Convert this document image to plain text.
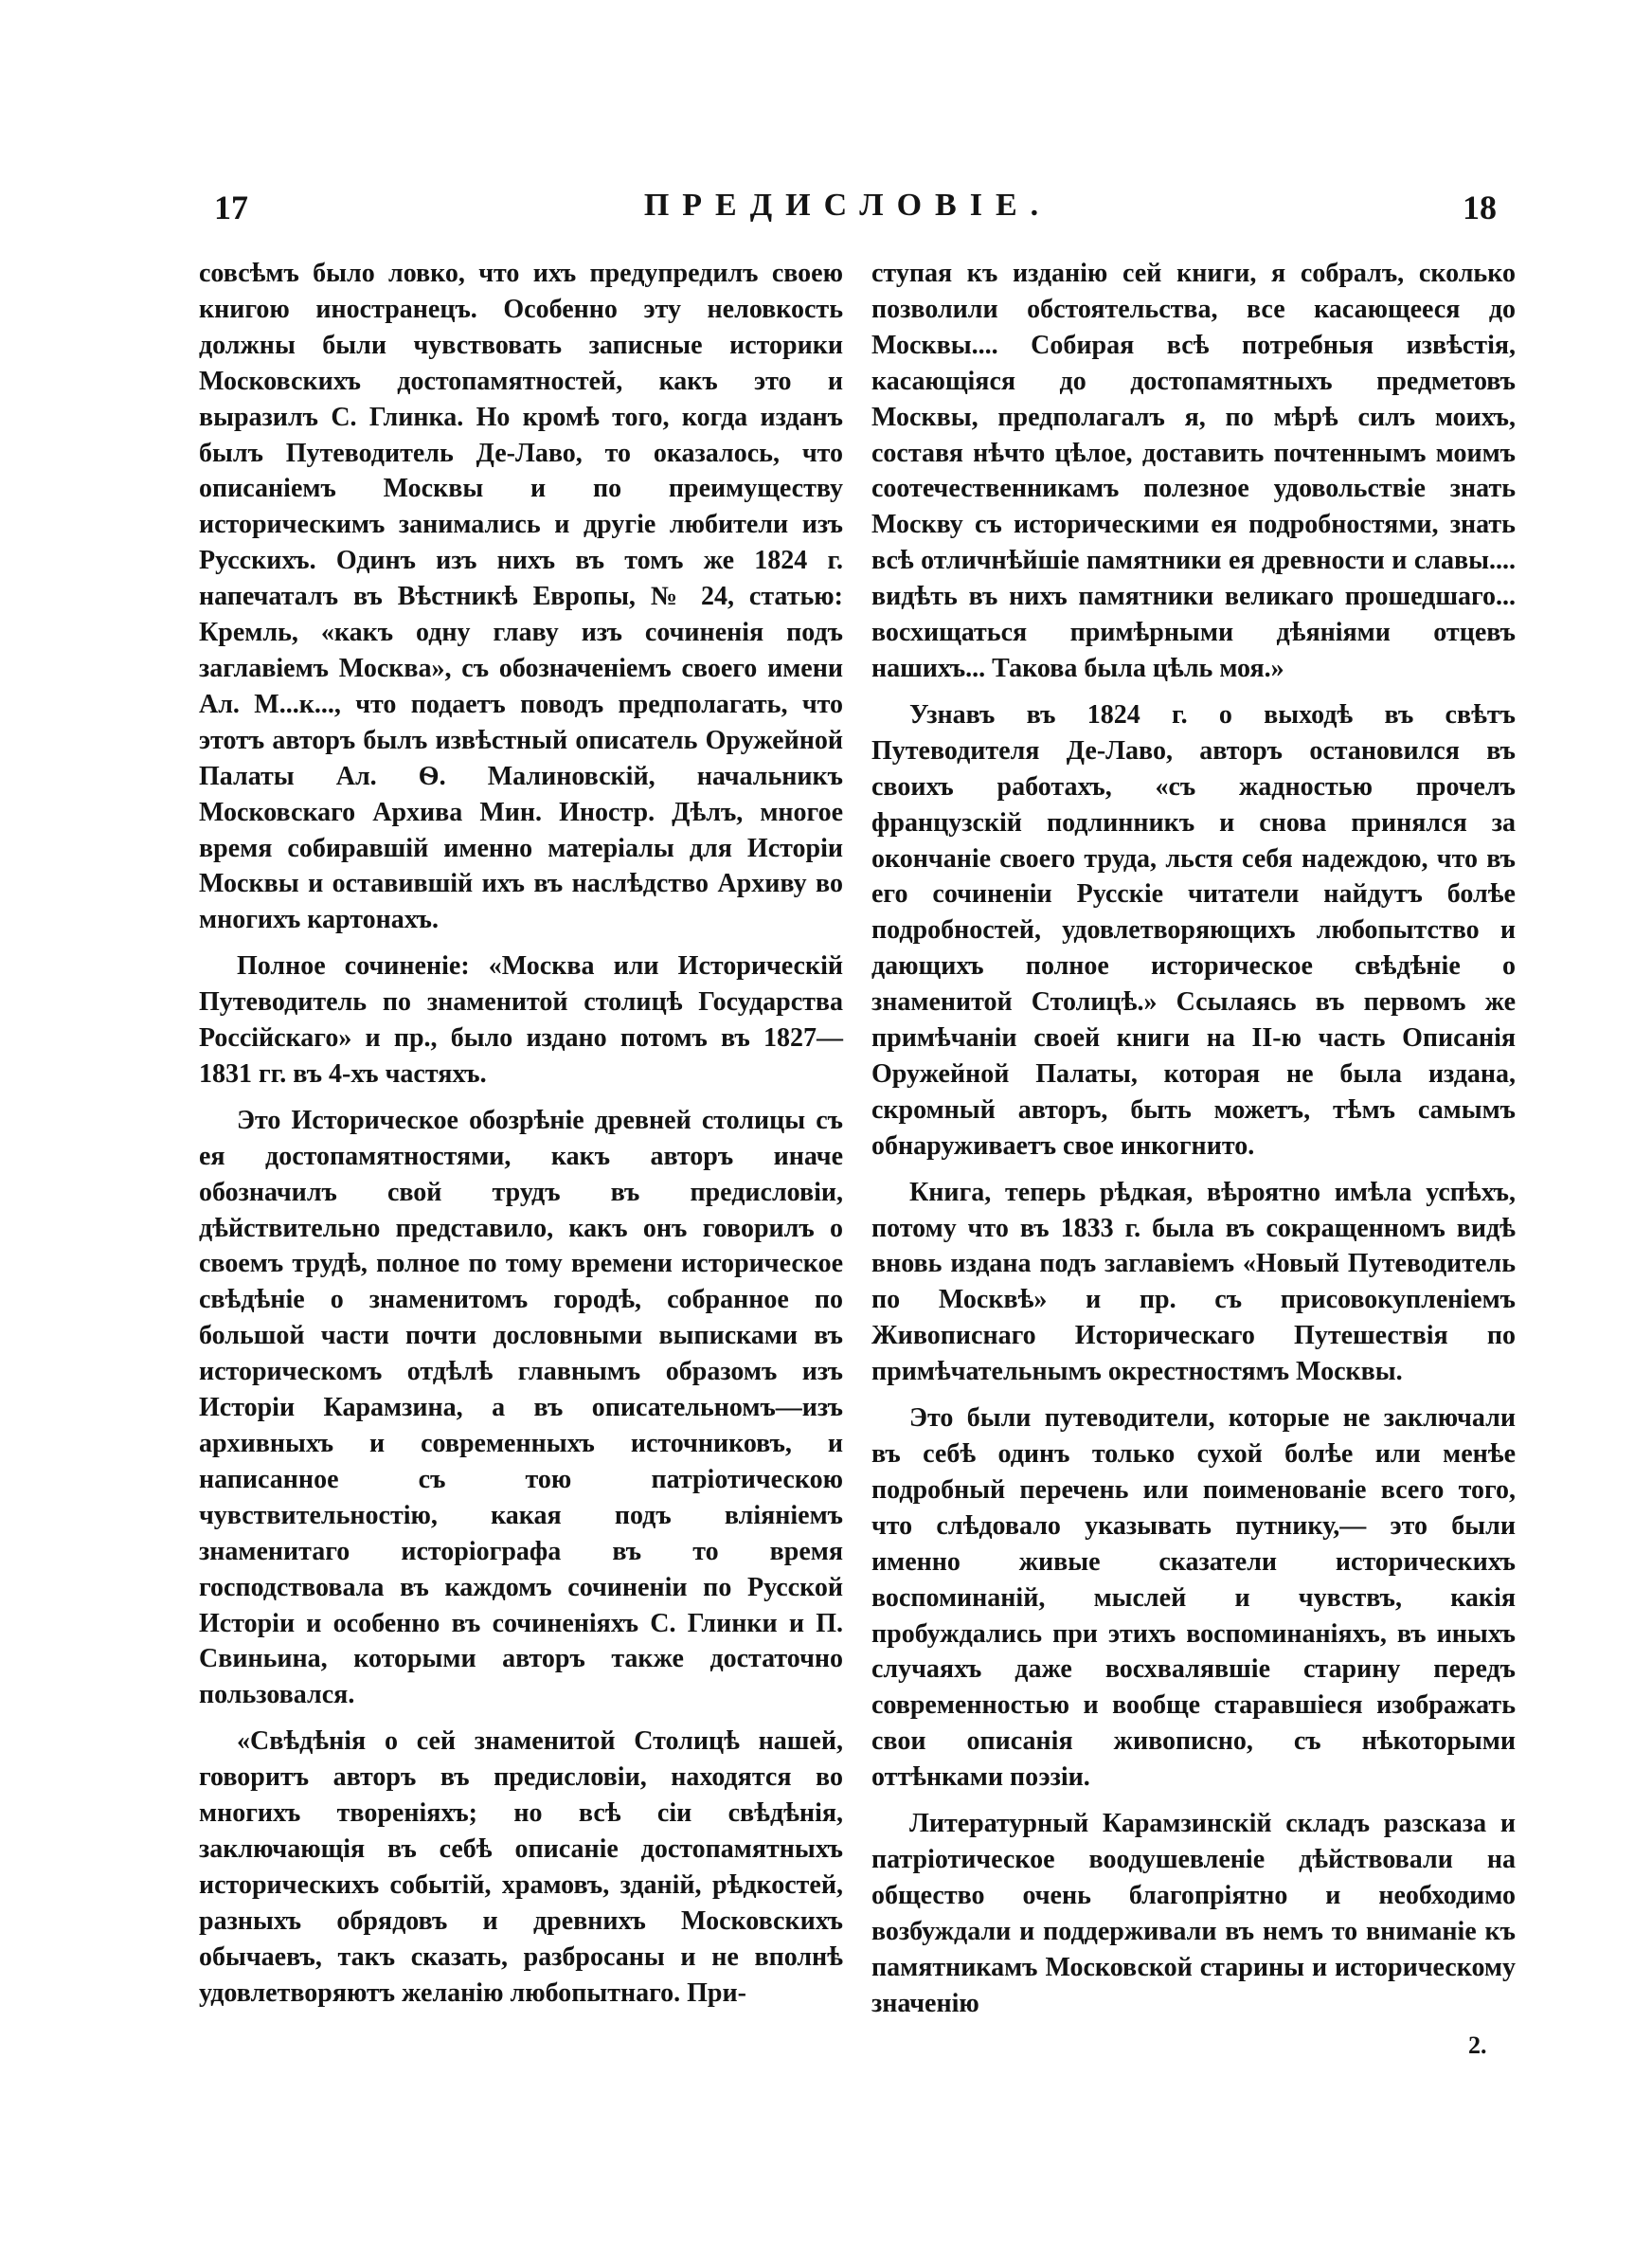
17	ПРЕДИСЛОВІЕ.	18

совсѣмъ было ловко, что ихъ предупредилъ своею книгою иностранецъ. Особенно эту неловкость должны были чувствовать записные историки Московскихъ достопамятностей, какъ это и выразилъ С. Глинка. Но кромѣ того, когда изданъ былъ Путеводитель Де-Лаво, то оказалось, что описаніемъ Москвы и по преимуществу историческимъ занимались и другіе любители изъ Русскихъ. Одинъ изъ нихъ въ томъ же 1824 г. напечаталъ въ Вѣстникѣ Европы, № 24, статью: Кремль, «какъ одну главу изъ сочиненія подъ заглавіемъ Москва», съ обозначеніемъ своего имени Ал. М...к..., что подаетъ поводъ предполагать, что этотъ авторъ былъ извѣстный описатель Оружейной Палаты Ал. Ѳ. Малиновскій, начальникъ Московскаго Архива Мин. Иностр. Дѣлъ, многое время собиравшій именно матеріалы для Исторіи Москвы и оставившій ихъ въ наслѣдство Архиву во многихъ картонахъ.

Полное сочиненіе: «Москва или Историческій Путеводитель по знаменитой столицѣ Государства Россійскаго» и пр., было издано потомъ въ 1827—1831 гг. въ 4-хъ частяхъ.

Это Историческое обозрѣніе древней столицы съ ея достопамятностями, какъ авторъ иначе обозначилъ свой трудъ въ предисловіи, дѣйствительно представило, какъ онъ говорилъ о своемъ трудѣ, полное по тому времени историческое свѣдѣніе о знаменитомъ городѣ, собранное по большой части почти дословными выписками въ историческомъ отдѣлѣ главнымъ образомъ изъ Исторіи Карамзина, а въ описательномъ—изъ архивныхъ и современныхъ источниковъ, и написанное съ тою патріотическою чувствительностію, какая подъ вліяніемъ знаменитаго исторіографа въ то время господствовала въ каждомъ сочиненіи по Русской Исторіи и особенно въ сочиненіяхъ С. Глинки и П. Свиньина, которыми авторъ также достаточно пользовался.

«Свѣдѣнія о сей знаменитой Столицѣ нашей, говоритъ авторъ въ предисловіи, находятся во многихъ твореніяхъ; но всѣ сіи свѣдѣнія, заключающія въ себѣ описаніе достопамятныхъ историческихъ событій, храмовъ, зданій, рѣдкостей, разныхъ обрядовъ и древнихъ Московскихъ обычаевъ, такъ сказать, разбросаны и не вполнѣ удовлетворяютъ желанію любопытнаго. При-

ступая къ изданію сей книги, я собралъ, сколько позволили обстоятельства, все касающееся до Москвы.... Собирая всѣ потребныя извѣстія, касающіяся до достопамятныхъ предметовъ Москвы, предполагалъ я, по мѣрѣ силъ моихъ, составя нѣчто цѣлое, доставить почтеннымъ моимъ соотечественникамъ полезное удовольствіе знать Москву съ историческими ея подробностями, знать всѣ отличнѣйшіе памятники ея древности и славы.... видѣть въ нихъ памятники великаго прошедшаго... восхищаться примѣрными дѣяніями отцевъ нашихъ... Такова была цѣль моя.»

Узнавъ въ 1824 г. о выходѣ въ свѣтъ Путеводителя Де-Лаво, авторъ остановился въ своихъ работахъ, «съ жадностью прочелъ французскій подлинникъ и снова принялся за окончаніе своего труда, льстя себя надеждою, что въ его сочиненіи Русскіе читатели найдутъ болѣе подробностей, удовлетворяющихъ любопытство и дающихъ полное историческое свѣдѣніе о знаменитой Столицѣ.» Ссылаясь въ первомъ же примѣчаніи своей книги на II-ю часть Описанія Оружейной Палаты, которая не была издана, скромный авторъ, быть можетъ, тѣмъ самымъ обнаруживаетъ свое инкогнито.

Книга, теперь рѣдкая, вѣроятно имѣла успѣхъ, потому что въ 1833 г. была въ сокращенномъ видѣ вновь издана подъ заглавіемъ «Новый Путеводитель по Москвѣ» и пр. съ присовокупленіемъ Живописнаго Историческаго Путешествія по примѣчательнымъ окрестностямъ Москвы.

Это были путеводители, которые не заключали въ себѣ одинъ только сухой болѣе или менѣе подробный перечень или поименованіе всего того, что слѣдовало указывать путнику,— это были именно живые сказатели историческихъ воспоминаній, мыслей и чувствъ, какія пробуждались при этихъ воспоминаніяхъ, въ иныхъ случаяхъ даже восхвалявшіе старину передъ современностью и вообще старавшіеся изображать свои описанія живописно, съ нѣкоторыми оттѣнками поэзіи.

Литературный Карамзинскій складъ разсказа и патріотическое воодушевленіе дѣйствовали на общество очень благопріятно и необходимо возбуждали и поддерживали въ немъ то вниманіе къ памятникамъ Московской старины и историческому значенію

2.
